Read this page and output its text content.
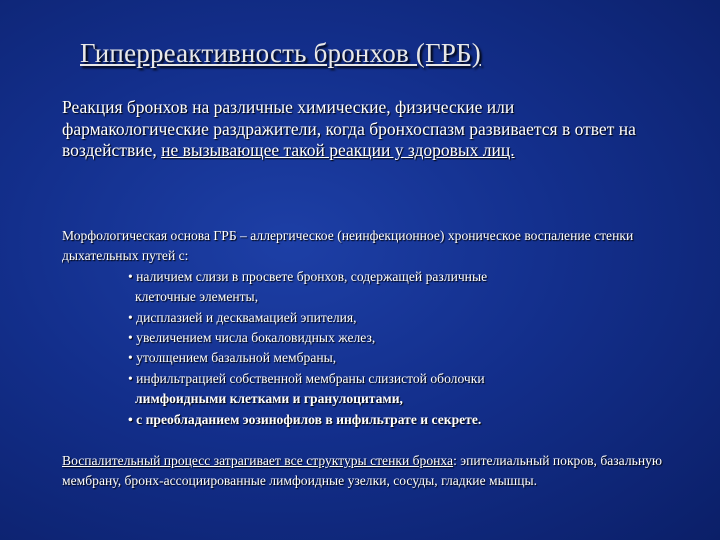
Гиперреактивность бронхов (ГРБ)
Реакция бронхов на различные химические, физические или фармакологические раздражители, когда бронхоспазм развивается в ответ на воздействие, не вызывающее такой реакции у здоровых лиц.
Морфологическая основа ГРБ – аллергическое (неинфекционное) хроническое воспаление стенки дыхательных путей с:
• наличием слизи в просвете бронхов, содержащей различные
клеточные элементы,
• дисплазией и десквамацией эпителия,
• увеличением числа бокаловидных желез,
• утолщением базальной мембраны,
• инфильтрацией собственной мембраны слизистой оболочки
лимфоидными клетками и гранулоцитами,
• с преобладанием эозинофилов в инфильтрате и секрете.
Воспалительный процесс затрагивает все структуры стенки бронха: эпителиальный покров, базальную мембрану, бронх-ассоциированные лимфоидные узелки, сосуды, гладкие мышцы.
